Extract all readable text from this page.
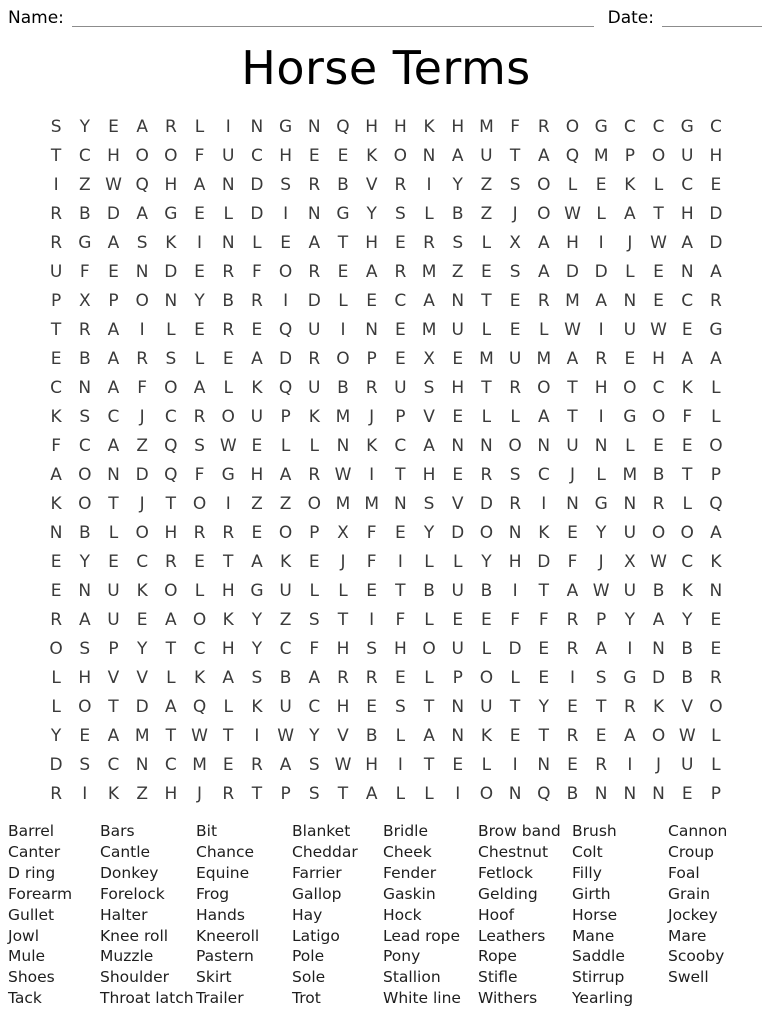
Name:	Date:
Horse Terms
S	Y	E	A R	L	I	N G N Q H H K H M F	R O G C C G C
T	C H O O	F	U C H E	E	K O N A U	T	A Q M P O U H
I	Z W Q H A N D S	R B	V R	I	Y	Z	S O	L	E	K	L	C	E
R B D A G E	L	D	I	N G Y	S	L	B	Z	J	O W L	A	T	H D
R G A	S	K	I	N	L	E	A	T	H E	R	S	L	X	A H	I	J	W A D
U	F	E N D E	R	F	O R	E	A R M Z	E	S	A D D	L	E N A
P	X	P O N	Y	B R	I	D	L	E	C A N	T	E	R M A N E	C R
T	R A	I	L	E	R	E Q U	I	N E M U	L	E	L W	I	U W E G
E	B	A R	S	L	E	A D R O P	E	X	E M U M A R	E H A	A
C N A	F	O A	L	K Q U B R U	S H	T	R O T	H O C	K	L
K	S	C	J	C R O U	P	K M	J	P	V	E	L	L	A	T	I	G O	F	L
F	C A	Z Q S W E	L	L	N K	C A N N O N U N	L	E	E O
A O N D Q	F	G H A R W	I	T	H E	R	S	C	J	L M B	T	P
K O T	J	T O	I	Z	Z O M M N S	V D R	I	N G N R	L	Q
N B	L	O H R R	E O P	X	F	E	Y D O N K	E	Y	U O O A
E	Y	E	C R	E	T	A	K	E	J	F	I	L	L	Y	H D	F	J	X W C	K
E N U K O	L	H G U	L	L	E	T	B U B	I	T	A W U B	K N
R A U	E	A O K	Y	Z	S	T	I	F	L	E	E	F	F	R	P	Y	A	Y	E
O S	P	Y	T	C H	Y	C	F	H S H O U	L	D E	R A	I	N B	E
L	H V	V	L	K	A	S	B	A R R	E	L	P O	L	E	I	S G D B R
L	O T D A Q	L	K U C H E	S	T	N U	T	Y	E	T	R	K	V O
Y	E	A M T W T	I	W Y	V	B	L	A N K	E	T	R	E	A O W L
D S	C N C M E	R A	S W H	I	T	E	L	I	N E	R	I	J	U	L
R	I	K	Z H	J	R	T	P	S	T	A	L	L	I	O N Q B N N N E	P
Barrel
Canter
D ring
Forearm
Gullet
Jowl
Mule
Shoes
Tack
Bars
Cantle
Donkey
Forelock
Halter
Knee roll
Muzzle
Shoulder
Throat latch
Bit
Chance
Equine
Frog
Hands
Kneeroll
Pastern
Skirt
Trailer
Blanket
Cheddar
Farrier
Gallop
Hay
Latigo
Pole
Sole
Trot
Bridle
Cheek
Fender
Gaskin
Hock
Lead rope
Pony
Stallion
White line
Brow band
Chestnut
Fetlock
Gelding
Hoof
Leathers
Rope
Stifle
Withers
Brush
Colt
Filly
Girth
Horse
Mane
Saddle
Stirrup
Yearling
Cannon
Croup
Foal
Grain
Jockey
Mare
Scooby
Swell
